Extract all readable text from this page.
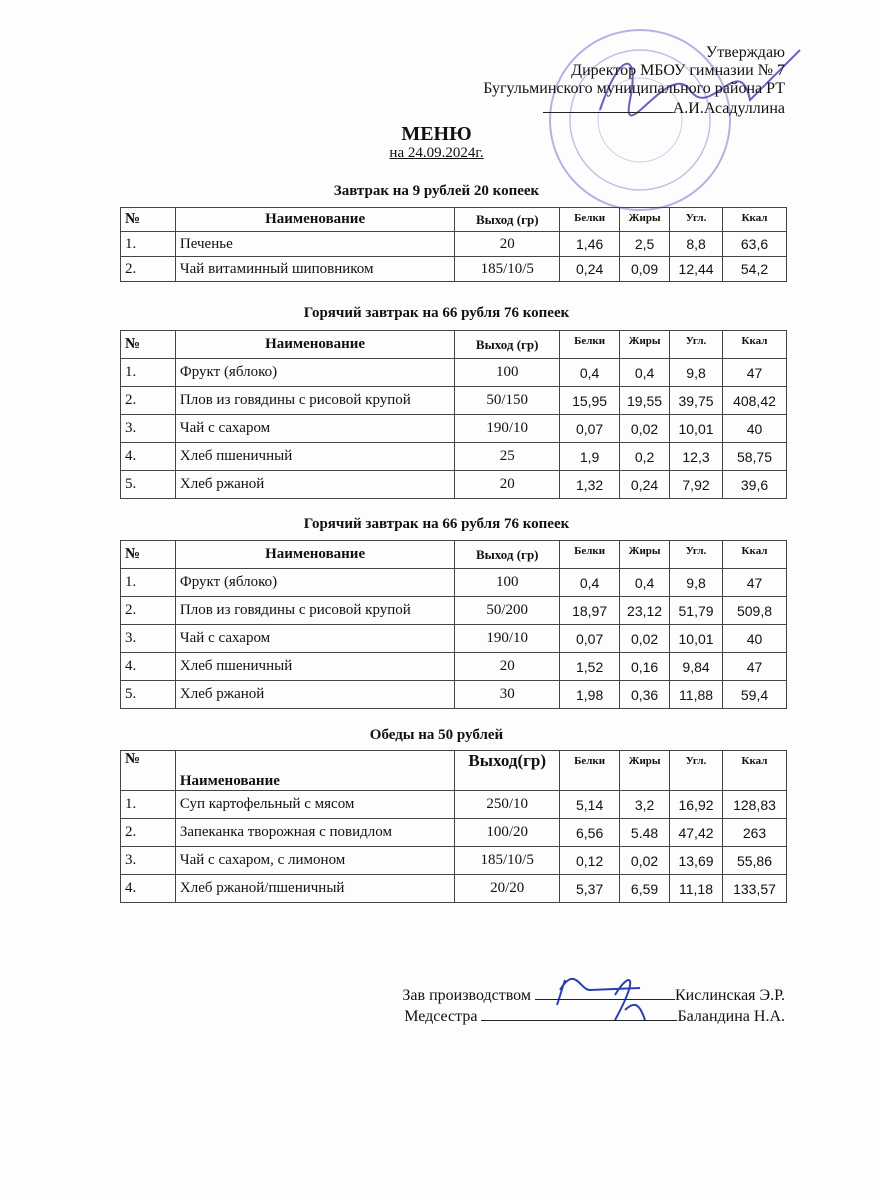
Утверждаю
Директор МБОУ гимназии № 7
Бугульминского муниципального района РТ
А.И.Асадуллина
МЕНЮ
на 24.09.2024г.
Завтрак на 9 рублей 20 копеек
№	Наименование	Выход (гр)	Белки	Жиры	Угл.	Ккал
1.	Печенье	20	1,46	2,5	8,8	63,6
2.	Чай витаминный шиповником	185/10/5	0,24	0,09	12,44	54,2
Горячий завтрак на 66 рубля 76 копеек
№	Наименование	Выход (гр)	Белки	Жиры	Угл.	Ккал
1.	Фрукт (яблоко)	100	0,4	0,4	9,8	47
2.	Плов из говядины с рисовой крупой	50/150	15,95	19,55	39,75	408,42
3.	Чай с сахаром	190/10	0,07	0,02	10,01	40
4.	Хлеб пшеничный	25	1,9	0,2	12,3	58,75
5.	Хлеб ржаной	20	1,32	0,24	7,92	39,6
Горячий завтрак на 66 рубля 76 копеек
№	Наименование	Выход (гр)	Белки	Жиры	Угл.	Ккал
1.	Фрукт (яблоко)	100	0,4	0,4	9,8	47
2.	Плов из говядины с рисовой крупой	50/200	18,97	23,12	51,79	509,8
3.	Чай с сахаром	190/10	0,07	0,02	10,01	40
4.	Хлеб пшеничный	20	1,52	0,16	9,84	47
5.	Хлеб ржаной	30	1,98	0,36	11,88	59,4
Обеды на 50 рублей
№	Наименование	Выход(гр)	Белки	Жиры	Угл.	Ккал
1.	Суп картофельный с мясом	250/10	5,14	3,2	16,92	128,83
2.	Запеканка творожная с повидлом	100/20	6,56	5.48	47,42	263
3.	Чай с сахаром, с лимоном	185/10/5	0,12	0,02	13,69	55,86
4.	Хлеб ржаной/пшеничный	20/20	5,37	6,59	11,18	133,57
Зав производством	Кислинская Э.Р.
Медсестра	Баландина Н.А.
